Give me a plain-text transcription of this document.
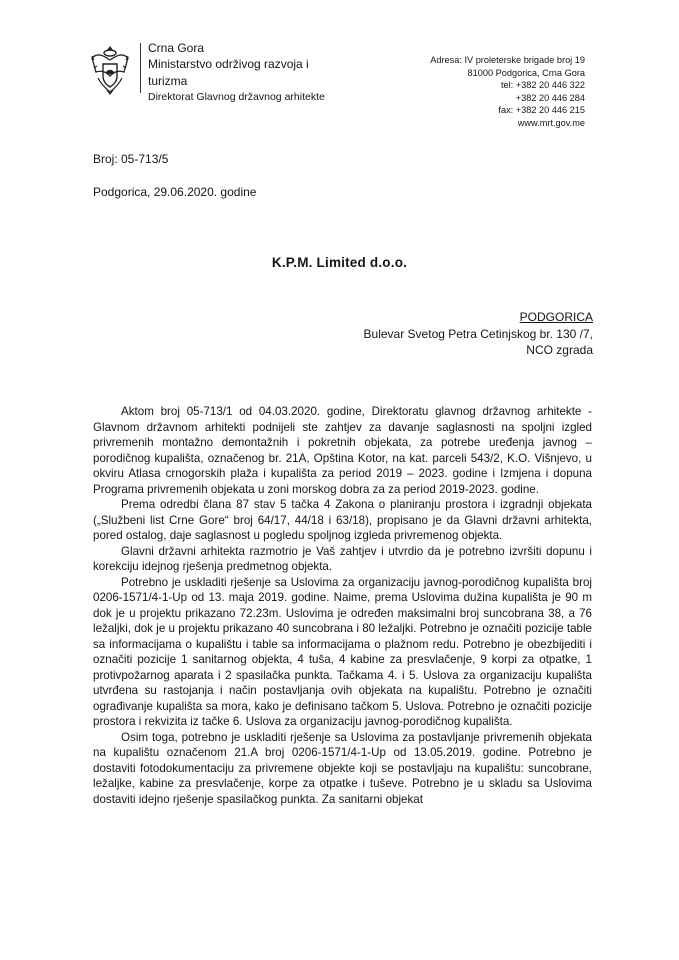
Crna Gora
Ministarstvo održivog razvoja i turizma
Direktorat Glavnog državnog arhitekte
Adresa: IV proleterske brigade broj 19
81000 Podgorica, Crna Gora
tel: +382 20 446 322
+382 20 446 284
fax: +382 20 446 215
www.mrt.gov.me
Broj: 05-713/5
Podgorica, 29.06.2020. godine
K.P.M. Limited d.o.o.
PODGORICA
Bulevar Svetog Petra Cetinjskog br. 130 /7,
NCO zgrada

Aktom broj 05-713/1 od 04.03.2020. godine, Direktoratu glavnog državnog arhitekte -Glavnom državnom arhitekti podnijeli ste zahtjev za davanje saglasnosti na spoljni izgled privremenih montažno demontažnih i pokretnih objekata, za potrebe uređenja javnog – porodičnog kupališta, označenog br. 21A, Opština Kotor, na kat. parceli 543/2, K.O. Višnjevo, u okviru Atlasa crnogorskih plaža i kupališta za period 2019 – 2023. godine i Izmjena i dopuna Programa privremenih objekata u zoni morskog dobra za za period 2019-2023. godine.

Prema odredbi člana 87 stav 5 tačka 4 Zakona o planiranju prostora i izgradnji objekata („Službeni list Crne Gore“ broj 64/17, 44/18 i 63/18), propisano je da Glavni državni arhitekta, pored ostalog, daje saglasnost u pogledu spoljnog izgleda privremenog objekta.

Glavni državni arhitekta razmotrio je Vaš zahtjev i utvrdio da je potrebno izvršiti dopunu i korekciju idejnog rješenja predmetnog objekta.

Potrebno je uskladiti rješenje sa Uslovima za organizaciju javnog-porodičnog kupališta broj 0206-1571/4-1-Up od 13. maja 2019. godine. Naime, prema Uslovima dužina kupališta je 90 m dok je u projektu prikazano 72.23m. Uslovima je određen maksimalni broj suncobrana 38, a 76 ležaljki, dok je u projektu prikazano 40 suncobrana i 80 ležaljki. Potrebno je označiti pozicije table sa informacijama o kupalištu i table sa informacijama o plažnom redu. Potrebno je obezbijediti i označiti pozicije 1 sanitarnog objekta, 4 tuša, 4 kabine za presvlačenje, 9 korpi za otpatke, 1 protivpožarnog aparata i 2 spasilačka punkta. Tačkama 4. i 5. Uslova za organizaciju kupališta utvrđena su rastojanja i način postavljanja ovih objekata na kupalištu. Potrebno je označiti ograđivanje kupališta sa mora, kako je definisano tačkom 5. Uslova. Potrebno je označiti pozicije prostora i rekvizita iz tačke 6. Uslova za organizaciju javnog-porodičnog kupališta.

Osim toga, potrebno je uskladiti rješenje sa Uslovima za postavljanje privremenih objekata na kupalištu označenom 21.A broj 0206-1571/4-1-Up od 13.05.2019. godine. Potrebno je dostaviti fotodokumentaciju za privremene objekte koji se postavljaju na kupalištu: suncobrane, ležaljke, kabine za presvlačenje, korpe za otpatke i tuševe. Potrebno je u skladu sa Uslovima dostaviti idejno rješenje spasilačkog punkta. Za sanitarni objekat
